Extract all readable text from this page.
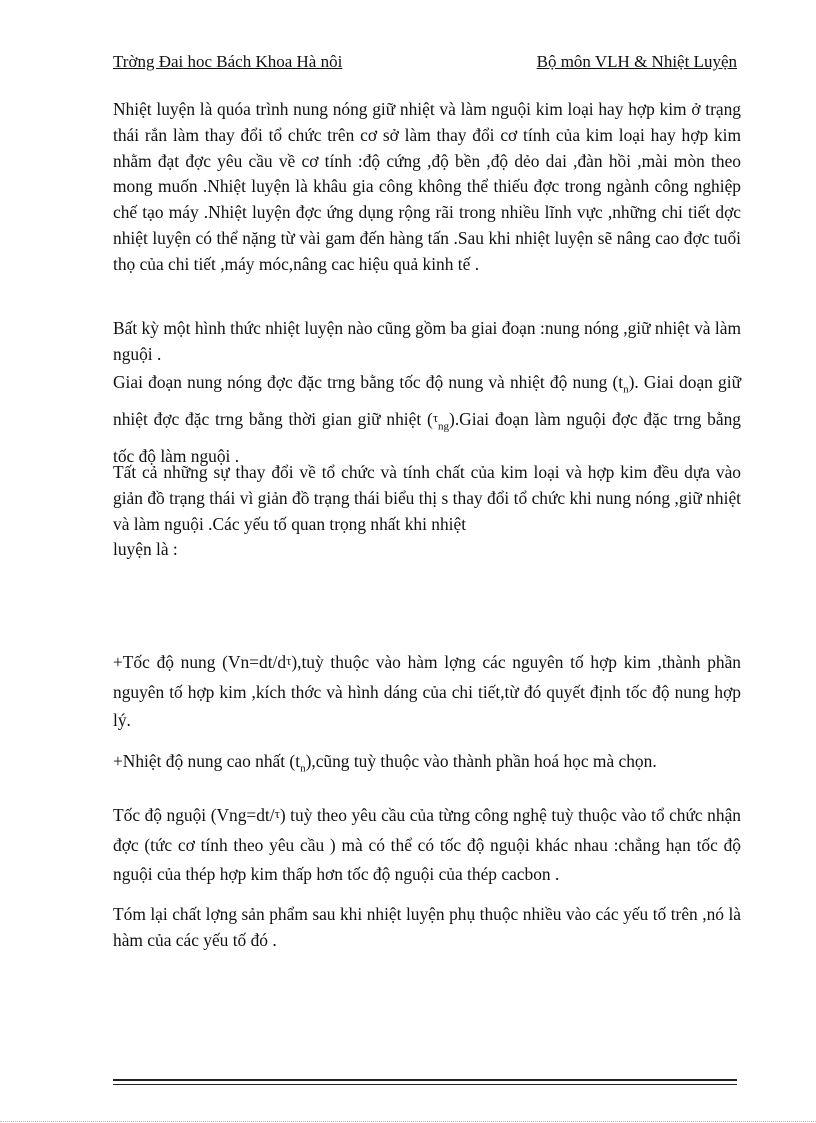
Trờng Đai hoc Bách Khoa Hà nôi	Bộ môn VLH & Nhiệt Luyện
Nhiệt luyện là quóa trình nung nóng giữ nhiệt và làm nguội kim loại hay hợp kim ở trạng thái rắn làm thay đổi tổ chức trên cơ sở làm thay đổi cơ tính của kim loại hay hợp kim nhằm đạt đợc yêu cầu về cơ tính :độ cứng ,độ bền ,độ dẻo dai ,đàn hồi ,mài mòn theo mong muốn .Nhiệt luyện là khâu gia công không thể thiếu đợc trong ngành công nghiệp chế tạo máy .Nhiệt luyện đợc ứng dụng rộng rãi trong nhiều lĩnh vực ,những chi tiết dợc nhiệt luyện có thể nặng từ vài gam đến hàng tấn .Sau khi nhiệt luyện sẽ nâng cao đợc tuổi thọ của chi tiết ,máy móc,nâng cac hiệu quả kinh tế .
Bất kỳ một hình thức nhiệt luyện nào cũng gồm ba giai đoạn :nung nóng ,giữ nhiệt và làm nguội .
Giai đoạn nung nóng đợc đặc trng bằng tốc độ nung và nhiệt độ nung $(t_n)$. Giai doạn giữ nhiệt đợc đặc trng bằng thời gian giữ nhiệt $(\tau_{ng}).Giai$ đoạn làm nguội đợc đặc trng bằng tốc độ làm nguội .
Tất cả những sự thay đổi về tổ chức và tính chất của kim loại và hợp kim đều dựa vào giản đồ trạng thái vì giản đồ trạng thái biểu thị s thay đổi tổ chức khi nung nóng ,giữ nhiệt và làm nguội .Các yếu tố quan trọng nhất khi nhiệt
luyện là :
+Tốc độ nung (Vn=dt/dτ),tuỳ thuộc vào hàm lợng các nguyên tố hợp kim ,thành phần nguyên tố hợp kim ,kích thớc và hình dáng của chi tiết,từ đó quyết định tốc độ nung hợp lý.
+Nhiệt độ nung cao nhất $(t_n),cũng$ tuỳ thuộc vào thành phần hoá học mà chọn.
Tốc độ nguội (Vng=dt/τ) tuỳ theo yêu cầu của từng công nghệ tuỳ thuộc vào tổ chức nhận đợc (tức cơ tính theo yêu cầu ) mà có thể có tốc độ nguội khác nhau :chẳng hạn tốc độ nguội của thép hợp kim thấp hơn tốc độ nguội của thép cacbon .
Tóm lại chất lợng sản phẩm sau khi nhiệt luyện phụ thuộc nhiều vào các yếu tố trên ,nó là hàm của các yếu tố đó .
